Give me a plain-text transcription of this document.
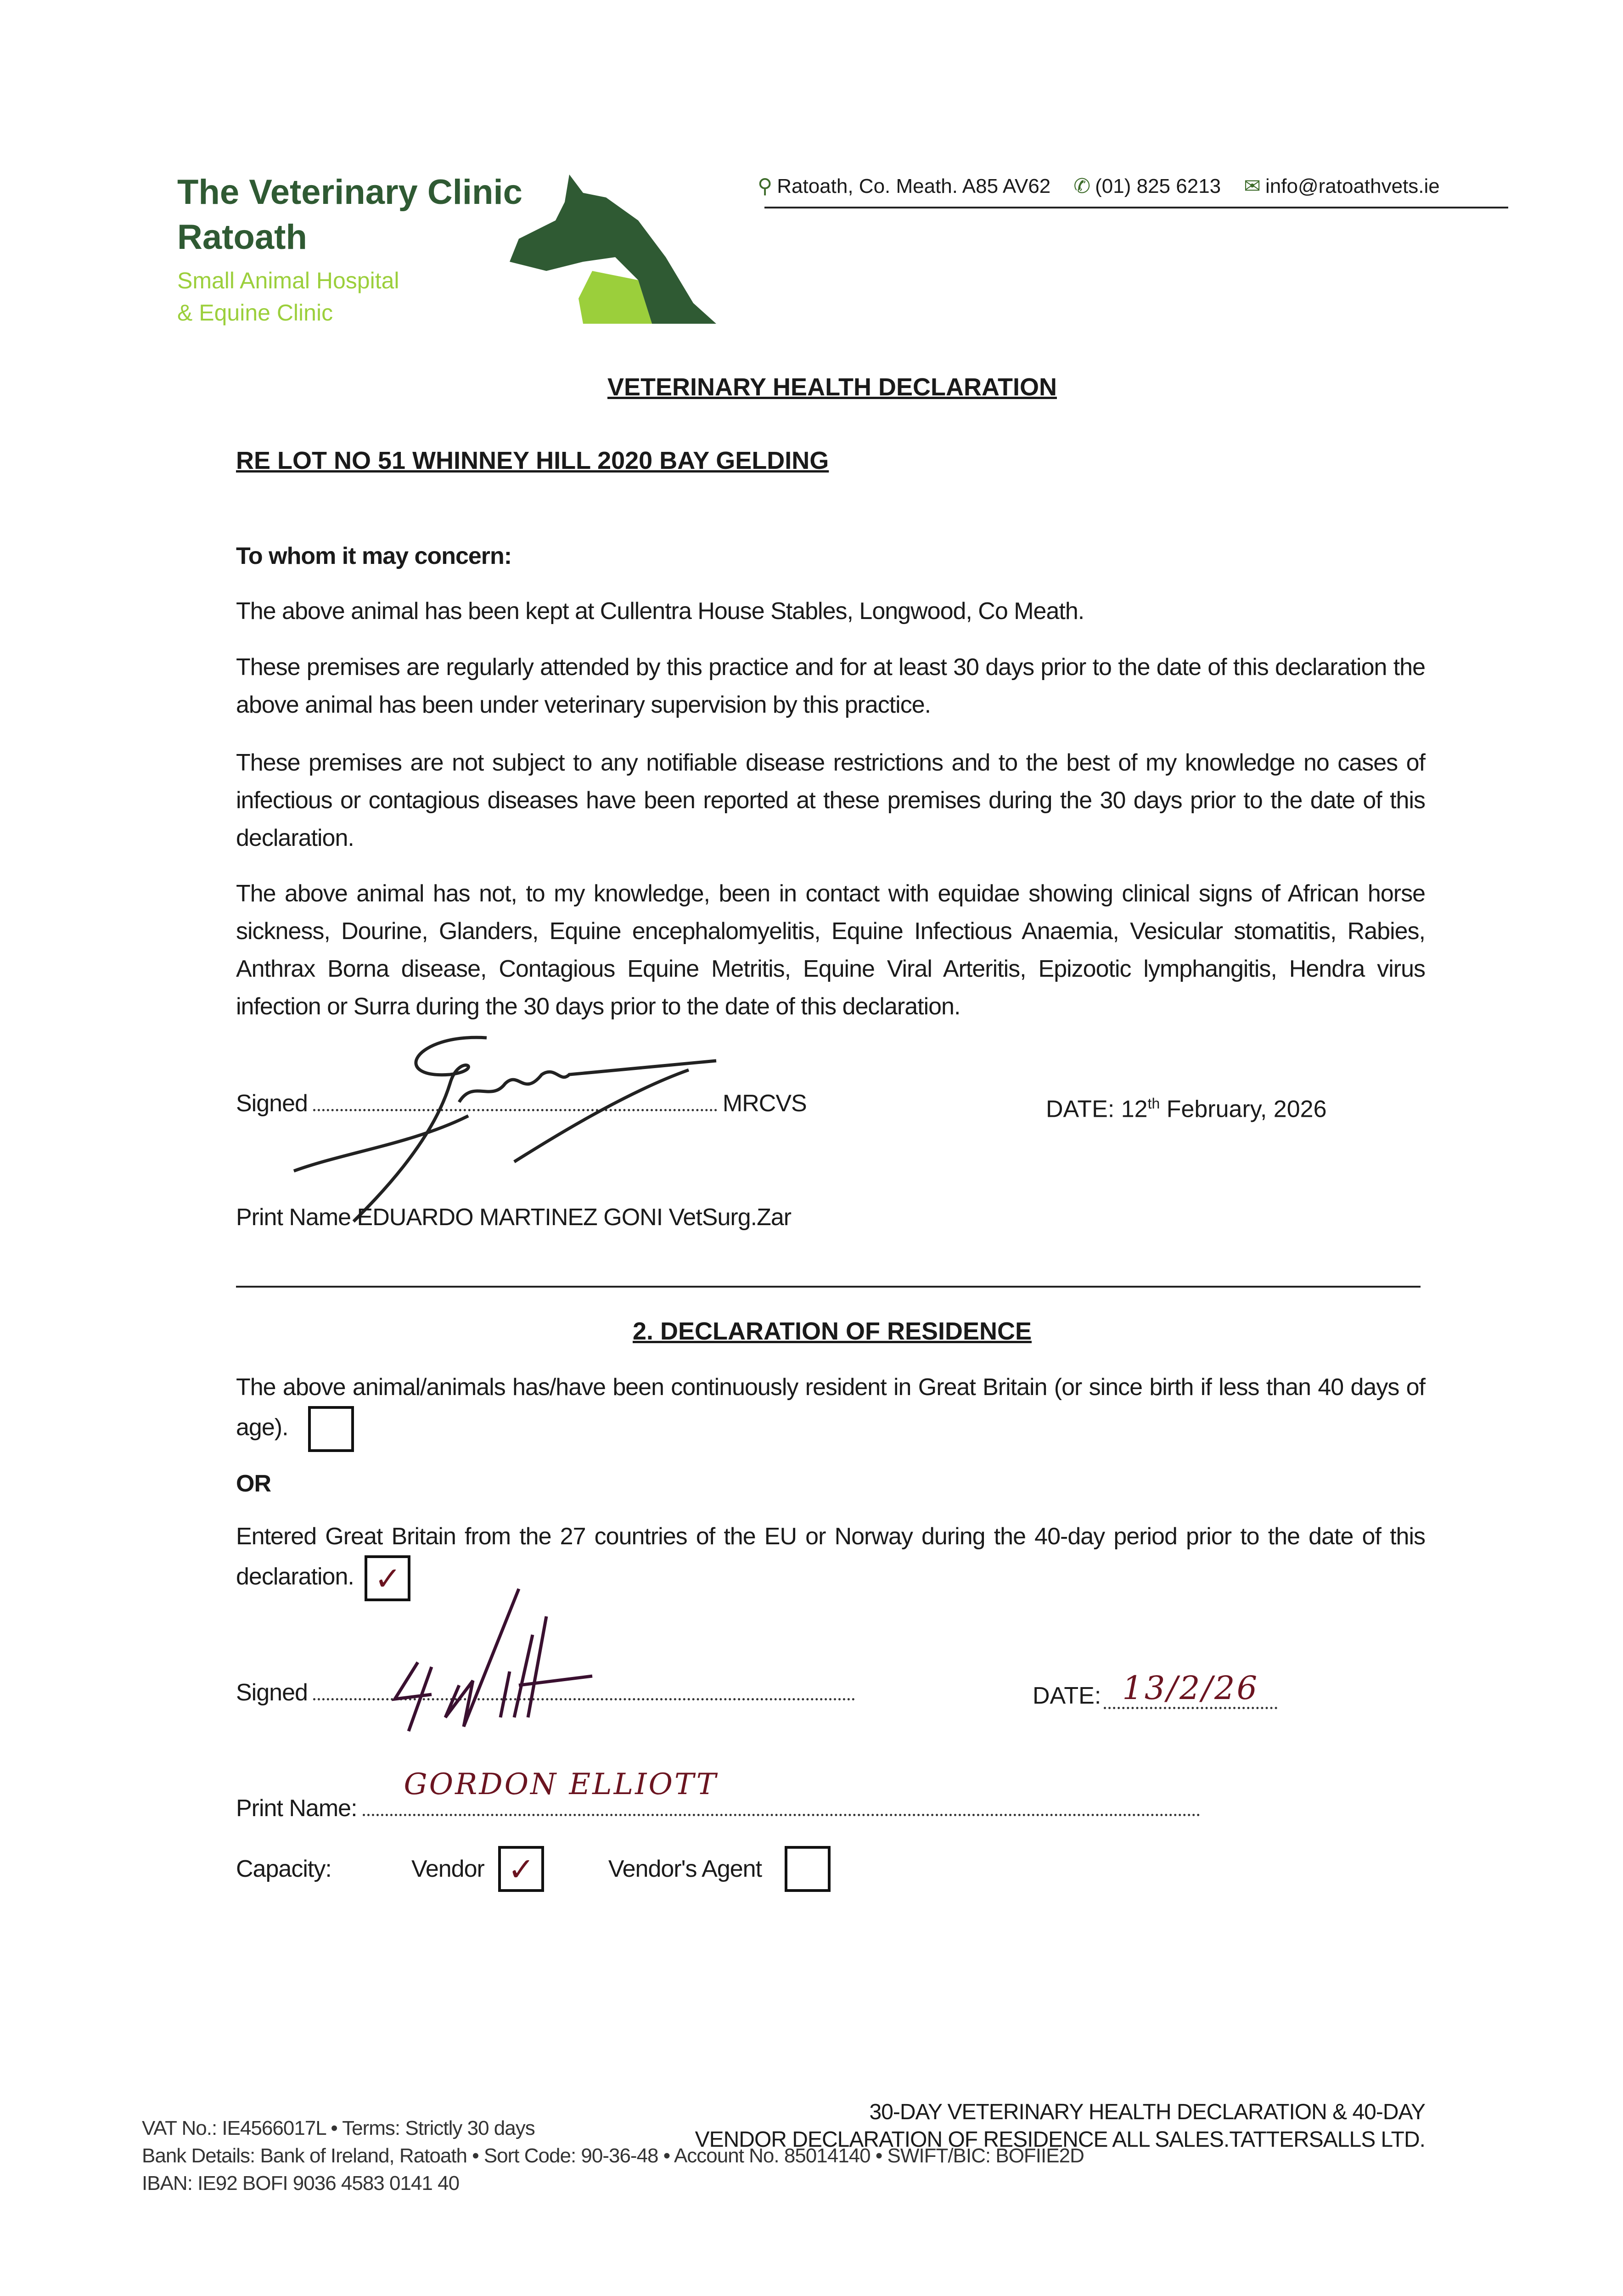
The Veterinary Clinic
Ratoath
Small Animal Hospital
& Equine Clinic
⚲ Ratoath, Co. Meath. A85 AV62 ✆ (01) 825 6213 ✉ info@ratoathvets.ie
VETERINARY HEALTH DECLARATION
RE LOT NO 51 WHINNEY HILL 2020 BAY GELDING
To whom it may concern:
The above animal has been kept at Cullentra House Stables, Longwood, Co Meath.
These premises are regularly attended by this practice and for at least 30 days prior to the date of this declaration the above animal has been under veterinary supervision by this practice.
These premises are not subject to any notifiable disease restrictions and to the best of my knowledge no cases of infectious or contagious diseases have been reported at these premises during the 30 days prior to the date of this declaration.
The above animal has not, to my knowledge, been in contact with equidae showing clinical signs of African horse sickness, Dourine, Glanders, Equine encephalomyelitis, Equine Infectious Anaemia, Vesicular stomatitis, Rabies, Anthrax Borna disease, Contagious Equine Metritis, Equine Viral Arteritis, Epizootic lymphangitis, Hendra virus infection or Surra during the 30 days prior to the date of this declaration.
Signed	MRCVS	DATE: 12th February, 2026
Print Name EDUARDO MARTINEZ GONI VetSurg.Zar
2. DECLARATION OF RESIDENCE
The above animal/animals has/have been continuously resident in Great Britain (or since birth if less than 40 days of age).
OR
Entered Great Britain from the 27 countries of the EU or Norway during the 40-day period prior to the date of this declaration. ✓
Signed	DATE: 13/2/26
Print Name:
GORDON ELLIOTT
Capacity:	Vendor ✓	Vendor's Agent
30-DAY VETERINARY HEALTH DECLARATION & 40-DAY
VENDOR DECLARATION OF RESIDENCE ALL SALES.TATTERSALLS LTD.
VAT No.: IE4566017L • Terms: Strictly 30 days
Bank Details: Bank of Ireland, Ratoath • Sort Code: 90-36-48 • Account No. 85014140 • SWIFT/BIC: BOFIIE2D
IBAN: IE92 BOFI 9036 4583 0141 40
